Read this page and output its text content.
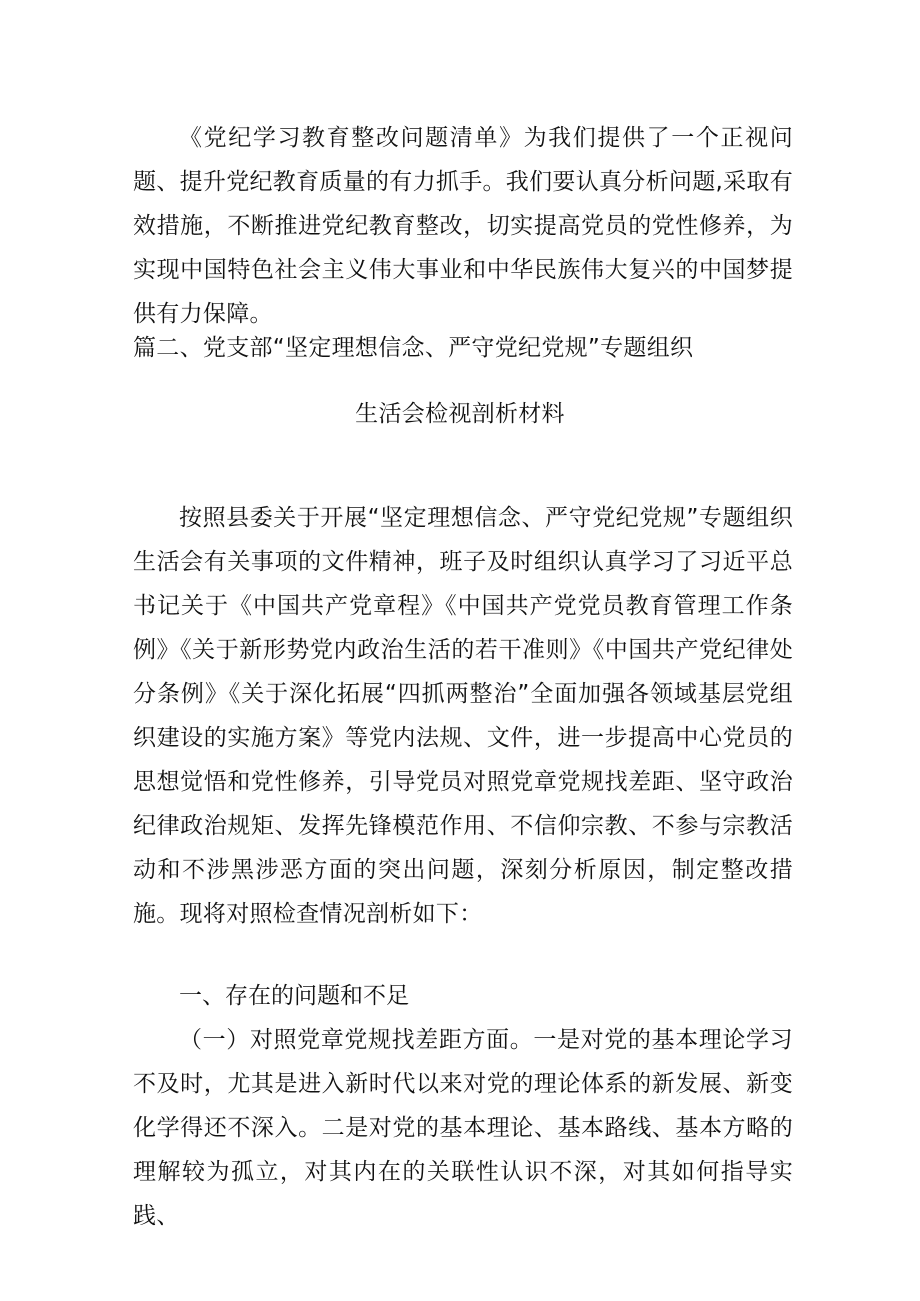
《党纪学习教育整改问题清单》为我们提供了一个正视问题、提升党纪教育质量的有力抓手。我们要认真分析问题,采取有效措施，不断推进党纪教育整改，切实提高党员的党性修养，为实现中国特色社会主义伟大事业和中华民族伟大复兴的中国梦提供有力保障。

篇二、党支部“坚定理想信念、严守党纪党规”专题组织

生活会检视剖析材料

按照县委关于开展“坚定理想信念、严守党纪党规”专题组织生活会有关事项的文件精神，班子及时组织认真学习了习近平总书记关于《中国共产党章程》《中国共产党党员教育管理工作条例》《关于新形势党内政治生活的若干准则》《中国共产党纪律处分条例》《关于深化拓展“四抓两整治”全面加强各领域基层党组织建设的实施方案》等党内法规、文件，进一步提高中心党员的思想觉悟和党性修养，引导党员对照党章党规找差距、坚守政治纪律政治规矩、发挥先锋模范作用、不信仰宗教、不参与宗教活动和不涉黑涉恶方面的突出问题，深刻分析原因，制定整改措施。现将对照检查情况剖析如下：

一、存在的问题和不足

（一）对照党章党规找差距方面。一是对党的基本理论学习不及时，尤其是进入新时代以来对党的理论体系的新发展、新变化学得还不深入。二是对党的基本理论、基本路线、基本方略的理解较为孤立，对其内在的关联性认识不深，对其如何指导实践、
